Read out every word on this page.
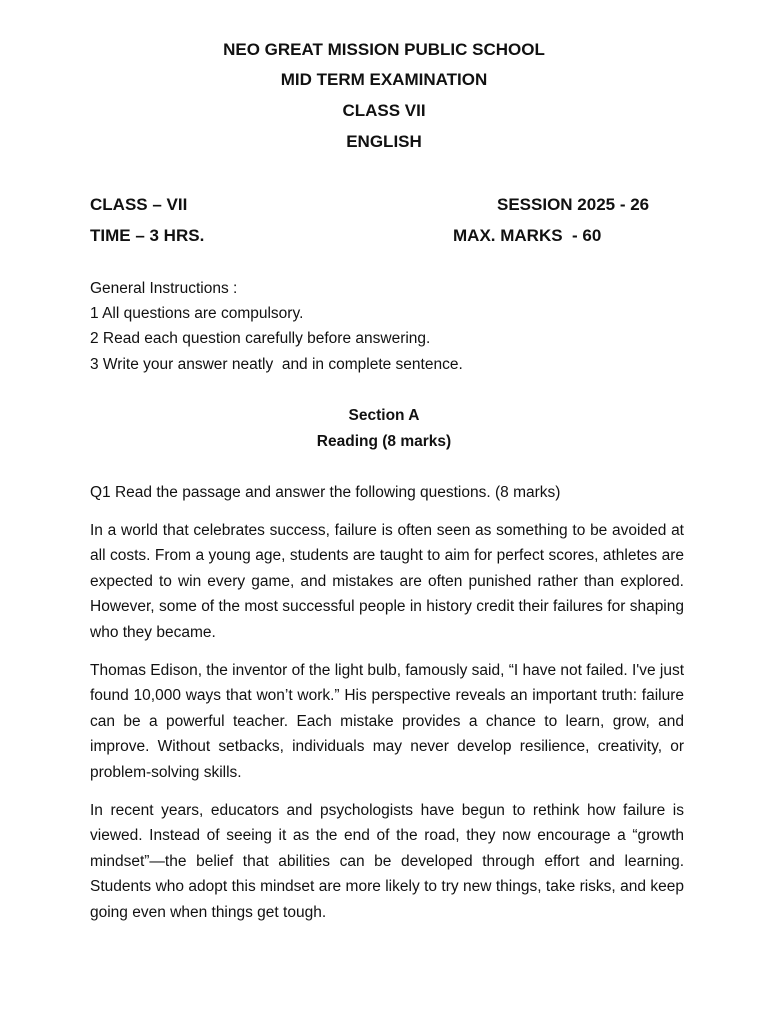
NEO GREAT MISSION PUBLIC SCHOOL
MID TERM EXAMINATION
CLASS VII
ENGLISH
CLASS – VII	SESSION 2025 - 26
TIME – 3 HRS.	MAX. MARKS  - 60
General Instructions :
1 All questions are compulsory.
2 Read each question carefully before answering.
3 Write your answer neatly  and in complete sentence.
Section A
Reading (8 marks)
Q1 Read the passage and answer the following questions. (8 marks)

In a world that celebrates success, failure is often seen as something to be avoided at all costs. From a young age, students are taught to aim for perfect scores, athletes are expected to win every game, and mistakes are often punished rather than explored. However, some of the most successful people in history credit their failures for shaping who they became.

Thomas Edison, the inventor of the light bulb, famously said, “I have not failed. I've just found 10,000 ways that won’t work.” His perspective reveals an important truth: failure can be a powerful teacher. Each mistake provides a chance to learn, grow, and improve. Without setbacks, individuals may never develop resilience, creativity, or problem-solving skills.

In recent years, educators and psychologists have begun to rethink how failure is viewed. Instead of seeing it as the end of the road, they now encourage a “growth mindset”—the belief that abilities can be developed through effort and learning. Students who adopt this mindset are more likely to try new things, take risks, and keep going even when things get tough.
